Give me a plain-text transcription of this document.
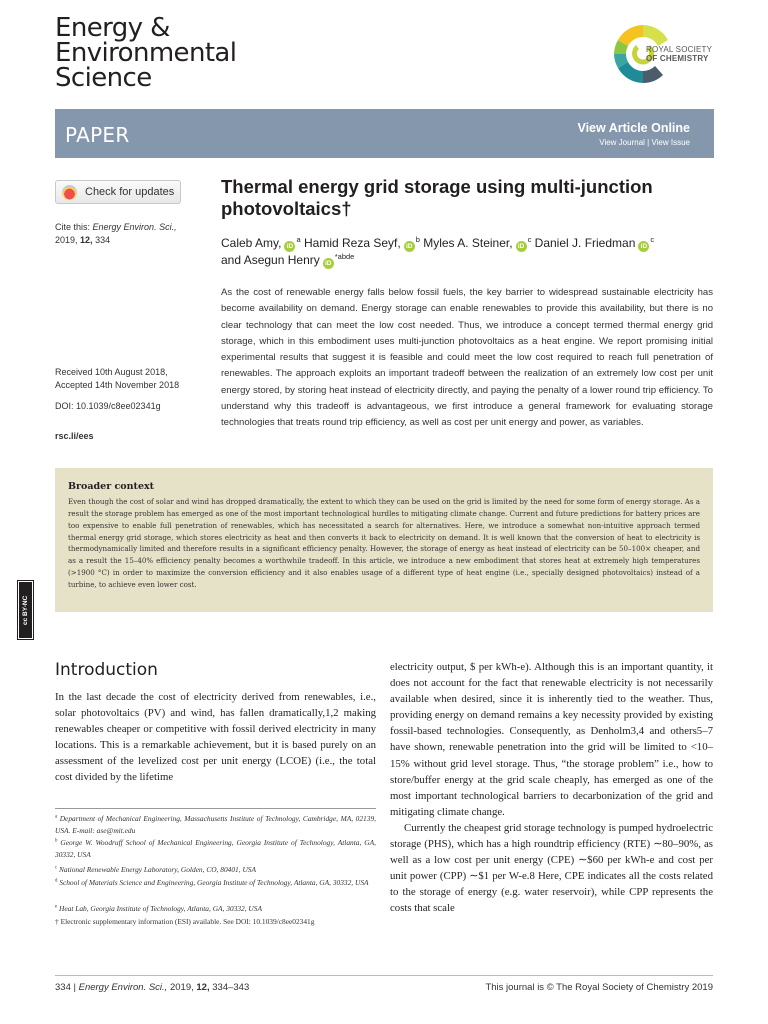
Energy &
Environmental
Science
ROYAL SOCIETY
OF CHEMISTRY
PAPER	View Article Online
View Journal | View Issue
Check for updates
Cite this: Energy Environ. Sci.,
2019, 12, 334
Received 10th August 2018,
Accepted 14th November 2018
DOI: 10.1039/c8ee02341g
rsc.li/ees
Thermal energy grid storage using multi-junction photovoltaics†
Caleb Amy, $iD^a$ Hamid Reza Seyf, $iD^b$ Myles A. Steiner, $iD^c$ Daniel J. Friedman $iD^c$
and Asegun Henry $iD^{*abde}$
As the cost of renewable energy falls below fossil fuels, the key barrier to widespread sustainable electricity has become availability on demand. Energy storage can enable renewables to provide this availability, but there is no clear technology that can meet the low cost needed. Thus, we introduce a concept termed thermal energy grid storage, which in this embodiment uses multi-junction photovoltaics as a heat engine. We report promising initial experimental results that suggest it is feasible and could meet the low cost required to reach full penetration of renewables. The approach exploits an important tradeoff between the realization of an extremely low cost per unit energy stored, by storing heat instead of electricity directly, and paying the penalty of a lower round trip efficiency. To understand why this tradeoff is advantageous, we first introduce a general framework for evaluating storage technologies that treats round trip efficiency, as well as cost per unit energy and power, as variables.
Broader context
Even though the cost of solar and wind has dropped dramatically, the extent to which they can be used on the grid is limited by the need for some form of energy storage. As a result the storage problem has emerged as one of the most important technological hurdles to mitigating climate change. Current and future predictions for battery prices are too expensive to enable full penetration of renewables, which has necessitated a search for alternatives. Here, we introduce a somewhat non-intuitive approach termed thermal energy grid storage, which stores electricity as heat and then converts it back to electricity on demand. It is well known that the conversion of heat to electricity is thermodynamically limited and therefore results in a significant efficiency penalty. However, the storage of energy as heat instead of electricity can be 50–100× cheaper, and as a result the 15–40% efficiency penalty becomes a worthwhile tradeoff. In this article, we introduce a new embodiment that stores heat at extremely high temperatures (>1900 °C) in order to maximize the conversion efficiency and it also enables usage of a different type of heat engine (i.e., specially designed photovoltaics) instead of a turbine, to achieve even lower cost.
cc BY-NC
Introduction
In the last decade the cost of electricity derived from renewables, i.e., solar photovoltaics (PV) and wind, has fallen dramatically,1,2 making renewables cheaper or competitive with fossil derived electricity in many locations. This is a remarkable achievement, but it is based purely on an assessment of the levelized cost per unit energy (LCOE) (i.e., the total cost divided by the lifetime
electricity output, $ per kWh-e). Although this is an important quantity, it does not account for the fact that renewable electricity is not necessarily available when desired, since it is inherently tied to the weather. Thus, providing energy on demand remains a key necessity provided by existing fossil-based technologies. Consequently, as Denholm3,4 and others5–7 have shown, renewable penetration into the grid will be limited to <10–15% without grid level storage. Thus, “the storage problem” i.e., how to store/buffer energy at the grid scale cheaply, has emerged as one of the most important technological barriers to decarbonization of the grid and mitigating climate change.
Currently the cheapest grid storage technology is pumped hydroelectric storage (PHS), which has a high roundtrip efficiency (RTE) ∼80–90%, as well as a low cost per unit energy (CPE) ∼$60 per kWh-e and cost per unit power (CPP) ∼$1 per W-e.8 Here, CPE indicates all the costs related to the storage of energy (e.g. water reservoir), while CPP represents the costs that scale
$^a$ Department of Mechanical Engineering, Massachusetts Institute of Technology, Cambridge, MA, 02139, USA. E-mail: ase@mit.edu
$^b$ George W. Woodruff School of Mechanical Engineering, Georgia Institute of Technology, Atlanta, GA, 30332, USA
$^c$ National Renewable Energy Laboratory, Golden, CO, 80401, USA
$^d$ School of Materials Science and Engineering, Georgia Institute of Technology, Atlanta, GA, 30332, USA
$^e$ Heat Lab, Georgia Institute of Technology, Atlanta, GA, 30332, USA
† Electronic supplementary information (ESI) available. See DOI: 10.1039/c8ee02341g
334 | Energy Environ. Sci., 2019, 12, 334–343	This journal is © The Royal Society of Chemistry 2019
